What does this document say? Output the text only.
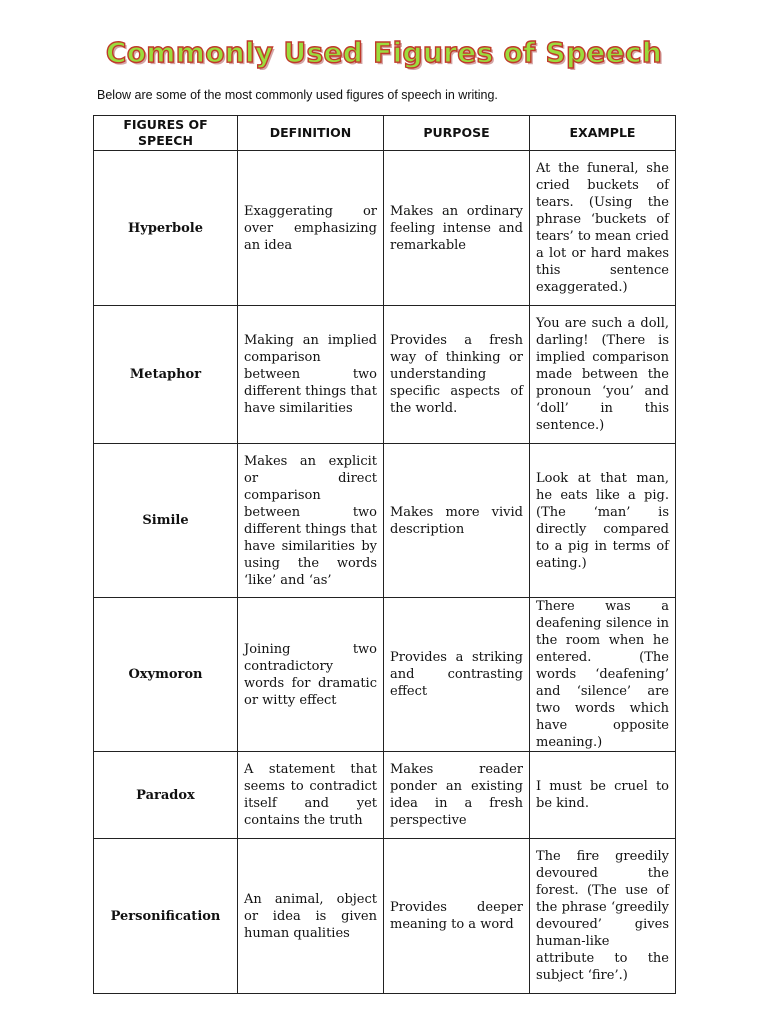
Commonly Used Figures of Speech
Below are some of the most commonly used figures of speech in writing.
FIGURES OF SPEECH	DEFINITION	PURPOSE	EXAMPLE
Hyperbole	Exaggerating or over emphasizing an idea	Makes an ordinary feeling intense and remarkable	At the funeral, she cried buckets of tears. (Using the phrase ‘buckets of tears’ to mean cried a lot or hard makes this sentence exaggerated.)
Metaphor	Making an implied comparison between two different things that have similarities	Provides a fresh way of thinking or understanding specific aspects of the world.	You are such a doll, darling! (There is implied comparison made between the pronoun ‘you’ and ‘doll’ in this sentence.)
Simile	Makes an explicit or direct comparison between two different things that have similarities by using the words ‘like’ and ‘as’	Makes more vivid description	Look at that man, he eats like a pig. (The ‘man’ is directly compared to a pig in terms of eating.)
Oxymoron	Joining two contradictory words for dramatic or witty effect	Provides a striking and contrasting effect	There was a deafening silence in the room when he entered. (The words ‘deafening’ and ‘silence’ are two words which have opposite meaning.)
Paradox	A statement that seems to contradict itself and yet contains the truth	Makes reader ponder an existing idea in a fresh perspective	I must be cruel to be kind.
Personification	An animal, object or idea is given human qualities	Provides deeper meaning to a word	The fire greedily devoured the forest. (The use of the phrase ‘greedily devoured’ gives human-like attribute to the subject ‘fire’.)
